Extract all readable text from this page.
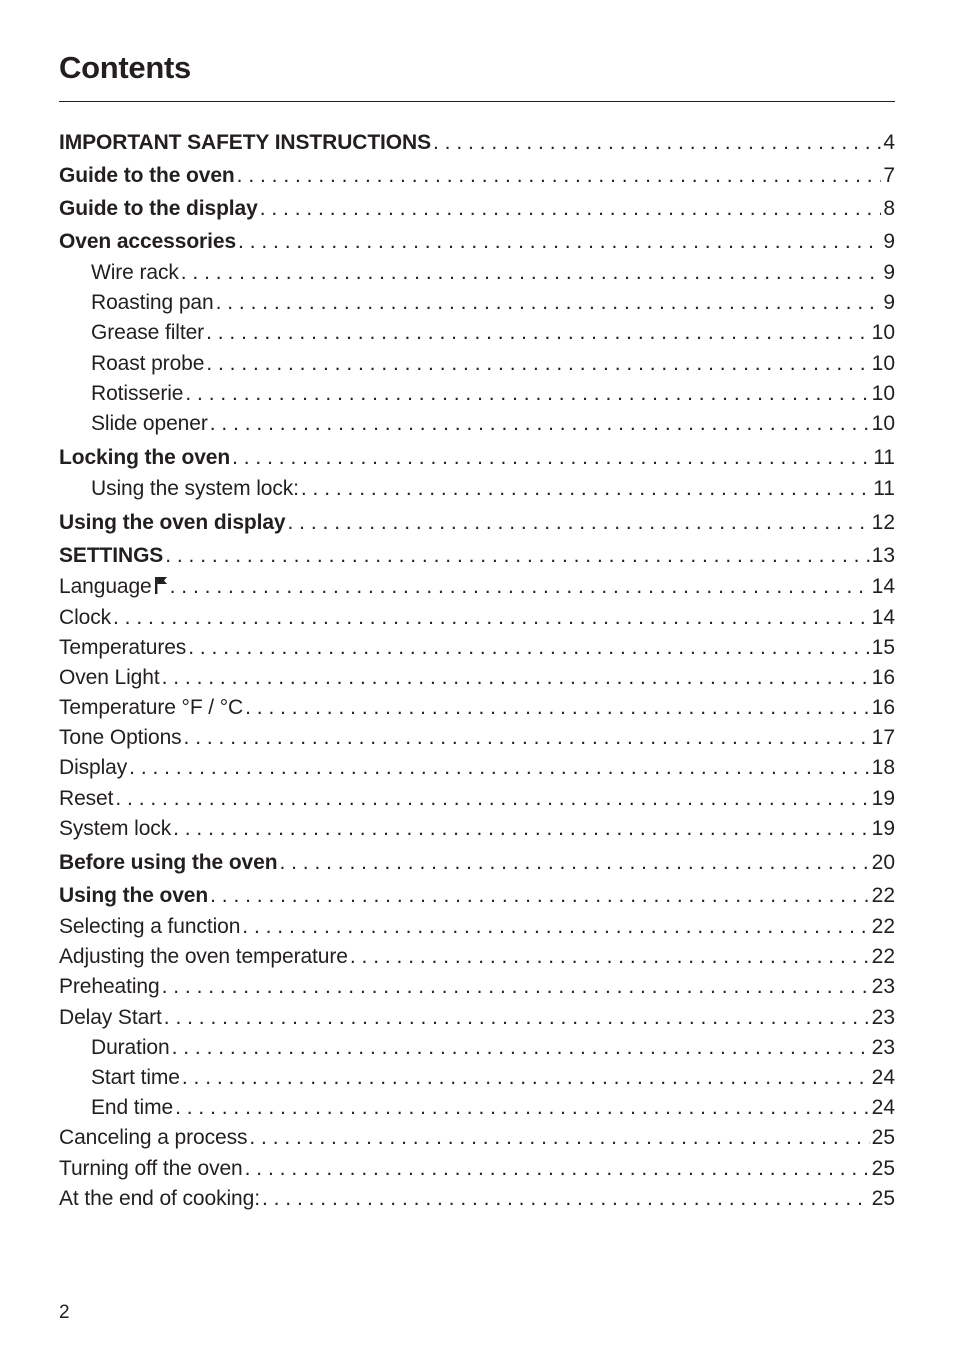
Contents
IMPORTANT SAFETY INSTRUCTIONS . . .	4
Guide to the oven . . .	7
Guide to the display . . .	8
Oven accessories . . .	9
Wire rack . . .	9
Roasting pan . . .	9
Grease filter . . .	10
Roast probe . . .	10
Rotisserie . . .	10
Slide opener . . .	10
Locking the oven . . .	11
Using the system lock: . . .	11
Using the oven display . . .	12
SETTINGS . . .	13
Language . . .	14
Clock . . .	14
Temperatures . . .	15
Oven Light . . .	16
Temperature °F / °C . . .	16
Tone Options . . .	17
Display . . .	18
Reset . . .	19
System lock . . .	19
Before using the oven . . .	20
Using the oven . . .	22
Selecting a function . . .	22
Adjusting the oven temperature . . .	22
Preheating . . .	23
Delay Start . . .	23
Duration . . .	23
Start time . . .	24
End time . . .	24
Canceling a process . . .	25
Turning off the oven . . .	25
At the end of cooking: . . .	25
2
